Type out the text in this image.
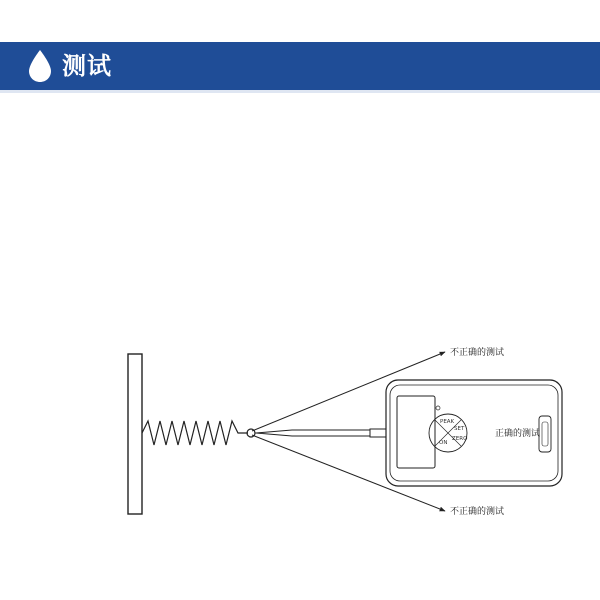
测试
PEAK
ON
SET
ZERO
不正确的测试
正确的测试
不正确的测试
